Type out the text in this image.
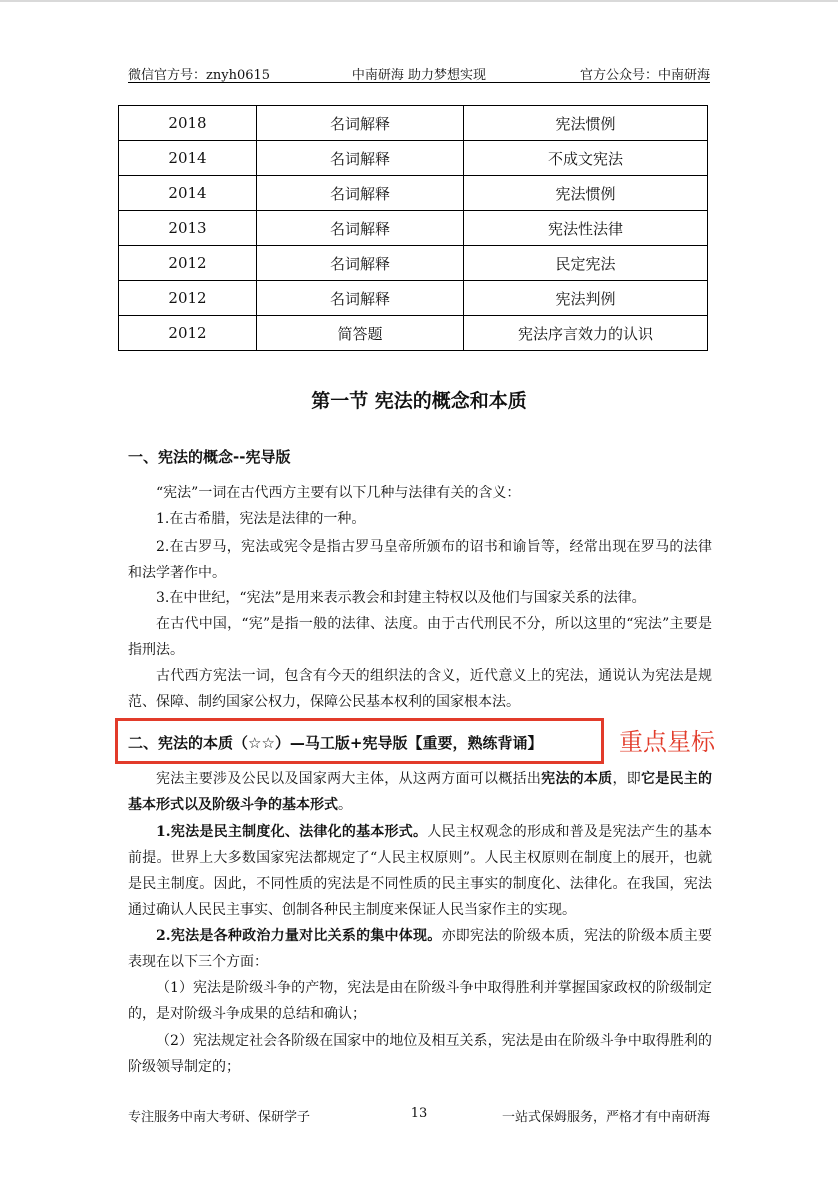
微信官方号：znyh0615	中南研海 助力梦想实现	官方公众号：中南研海
2018	名词解释	宪法惯例
2014	名词解释	不成文宪法
2014	名词解释	宪法惯例
2013	名词解释	宪法性法律
2012	名词解释	民定宪法
2012	名词解释	宪法判例
2012	简答题	宪法序言效力的认识
第一节 宪法的概念和本质
一、宪法的概念--宪导版
“宪法”一词在古代西方主要有以下几种与法律有关的含义：
1.在古希腊，宪法是法律的一种。
2.在古罗马，宪法或宪令是指古罗马皇帝所颁布的诏书和谕旨等，经常出现在罗马的法律和法学著作中。
3.在中世纪，“宪法”是用来表示教会和封建主特权以及他们与国家关系的法律。
在古代中国，“宪”是指一般的法律、法度。由于古代刑民不分，所以这里的“宪法”主要是指刑法。
古代西方宪法一词，包含有今天的组织法的含义，近代意义上的宪法，通说认为宪法是规范、保障、制约国家公权力，保障公民基本权利的国家根本法。
二、宪法的本质（☆☆）—马工版+宪导版【重要，熟练背诵】	重点星标
宪法主要涉及公民以及国家两大主体，从这两方面可以概括出宪法的本质，即它是民主的基本形式以及阶级斗争的基本形式。
1.宪法是民主制度化、法律化的基本形式。人民主权观念的形成和普及是宪法产生的基本前提。世界上大多数国家宪法都规定了“人民主权原则”。人民主权原则在制度上的展开，也就是民主制度。因此，不同性质的宪法是不同性质的民主事实的制度化、法律化。在我国，宪法通过确认人民民主事实、创制各种民主制度来保证人民当家作主的实现。
2.宪法是各种政治力量对比关系的集中体现。亦即宪法的阶级本质，宪法的阶级本质主要表现在以下三个方面：
（1）宪法是阶级斗争的产物，宪法是由在阶级斗争中取得胜利并掌握国家政权的阶级制定的，是对阶级斗争成果的总结和确认；
（2）宪法规定社会各阶级在国家中的地位及相互关系，宪法是由在阶级斗争中取得胜利的阶级领导制定的；
专注服务中南大考研、保研学子	13	一站式保姆服务，严格才有中南研海
